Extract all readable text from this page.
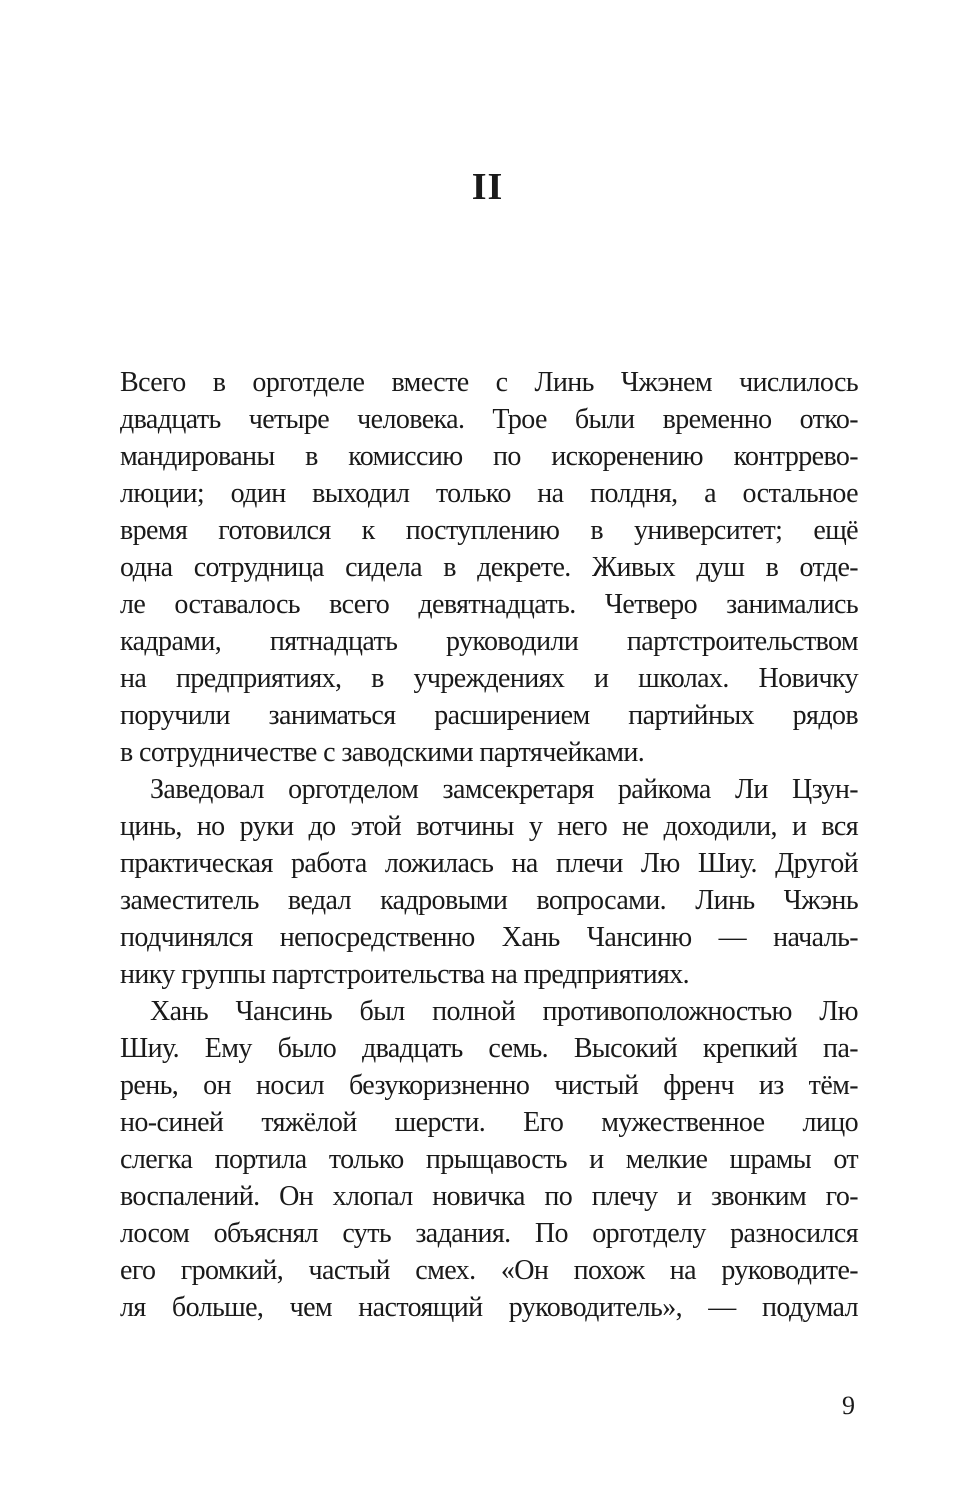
II
Всего в орготделе вместе с Линь Чжэнем числилось
двадцать четыре человека. Трое были временно отко-
мандированы в комиссию по искоренению контррево-
люции; один выходил только на полдня, а остальное
время готовился к поступлению в университет; ещё
одна сотрудница сидела в декрете. Живых душ в отде-
ле оставалось всего девятнадцать. Четверо занимались
кадрами, пятнадцать руководили партстроительством
на предприятиях, в учреждениях и школах. Новичку
поручили заниматься расширением партийных рядов
в сотрудничестве с заводскими партячейками.
Заведовал орготделом замсекретаря райкома Ли Цзун-
цинь, но руки до этой вотчины у него не доходили, и вся
практическая работа ложилась на плечи Лю Шиу. Другой
заместитель ведал кадровыми вопросами. Линь Чжэнь
подчинялся непосредственно Хань Чансиню — началь-
нику группы партстроительства на предприятиях.
Хань Чансинь был полной противоположностью Лю
Шиу. Ему было двадцать семь. Высокий крепкий па-
рень, он носил безукоризненно чистый френч из тём-
но-синей тяжёлой шерсти. Его мужественное лицо
слегка портила только прыщавость и мелкие шрамы от
воспалений. Он хлопал новичка по плечу и звонким го-
лосом объяснял суть задания. По орготделу разносился
его громкий, частый смех. «Он похож на руководите-
ля больше, чем настоящий руководитель», — подумал
9
